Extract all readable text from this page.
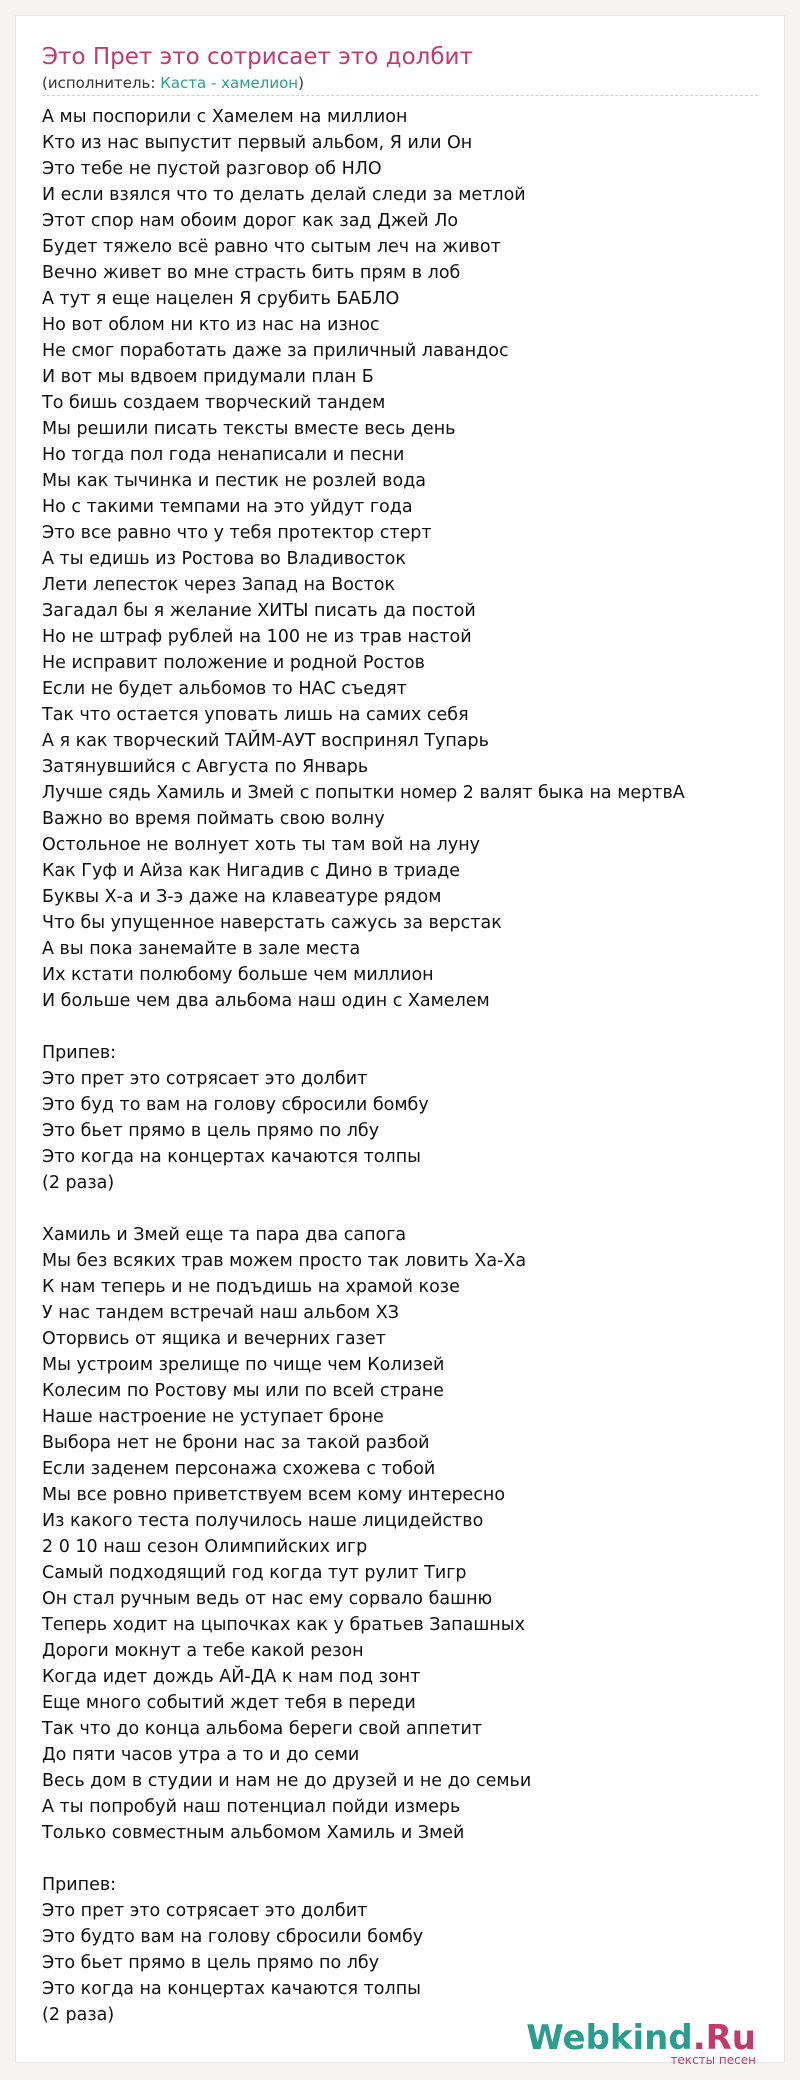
Это Прет это сотрисает это долбит
(исполнитель: Каста - хамелион)
А мы поспорили с Хамелем на миллион
Кто из нас выпустит первый альбом, Я или Он
Это тебе не пустой разговор об НЛО
И если взялся что то делать делай следи за метлой
Этот спор нам обоим дорог как зад Джей Ло
Будет тяжело всё равно что сытым леч на живот
Вечно живет во мне страсть бить прям в лоб
А тут я еще нацелен Я срубить БАБЛО
Но вот облом ни кто из нас на износ
Не смог поработать даже за приличный лавандос
И вот мы вдвоем придумали план Б
То бишь создаем творческий тандем
Мы решили писать тексты вместе весь день
Но тогда пол года ненаписали и песни
Мы как тычинка и пестик не розлей вода
Но с такими темпами на это уйдут года
Это все равно что у тебя протектор стерт
А ты едишь из Ростова во Владивосток
Лети лепесток через Запад на Восток
Загадал бы я желание ХИТЫ писать да постой
Но не штраф рублей на 100 не из трав настой
Не исправит положение и родной Ростов
Если не будет альбомов то НАС съедят
Так что остается уповать лишь на самих себя
А я как творческий ТАЙМ-АУТ воспринял Тупарь
Затянувшийся с Августа по Январь
Лучше сядь Хамиль и Змей с попытки номер 2 валят быка на мертвА
Важно во время поймать свою волну
Остольное не волнует хоть ты там вой на луну
Как Гуф и Айза как Нигадив с Дино в триаде
Буквы Х-а и З-э даже на клавеатуре рядом
Что бы упущенное наверстать сажусь за верстак
А вы пока занемайте в зале места
Их кстати полюбому больше чем миллион
И больше чем два альбома наш один с Хамелем
Припев:
Это прет это сотрясает это долбит
Это буд то вам на голову сбросили бомбу
Это бьет прямо в цель прямо по лбу
Это когда на концертах качаются толпы
(2 раза)
Хамиль и Змей еще та пара два сапога
Мы без всяких трав можем просто так ловить Ха-Ха
К нам теперь и не подъдишь на храмой козе
У нас тандем встречай наш альбом ХЗ
Оторвись от ящика и вечерних газет
Мы устроим зрелище по чище чем Колизей
Колесим по Ростову мы или по всей стране
Наше настроение не уступает броне
Выбора нет не брони нас за такой разбой
Если заденем персонажа схожева с тобой
Мы все ровно приветствуем всем кому интересно
Из какого теста получилось наше лицидейство
2 0 10 наш сезон Олимпийских игр
Самый подходящий год когда тут рулит Тигр
Он стал ручным ведь от нас ему сорвало башню
Теперь ходит на цыпочках как у братьев Запашных
Дороги мокнут а тебе какой резон
Когда идет дождь АЙ-ДА к нам под зонт
Еще много событий ждет тебя в переди
Так что до конца альбома береги свой аппетит
До пяти часов утра а то и до семи
Весь дом в студии и нам не до друзей и не до семьи
А ты попробуй наш потенциал пойди измерь
Только совместным альбомом Хамиль и Змей
Припев:
Это прет это сотрясает это долбит
Это будто вам на голову сбросили бомбу
Это бьет прямо в цель прямо по лбу
Это когда на концертах качаются толпы
(2 раза)
Webkind.Ru
тексты песен
